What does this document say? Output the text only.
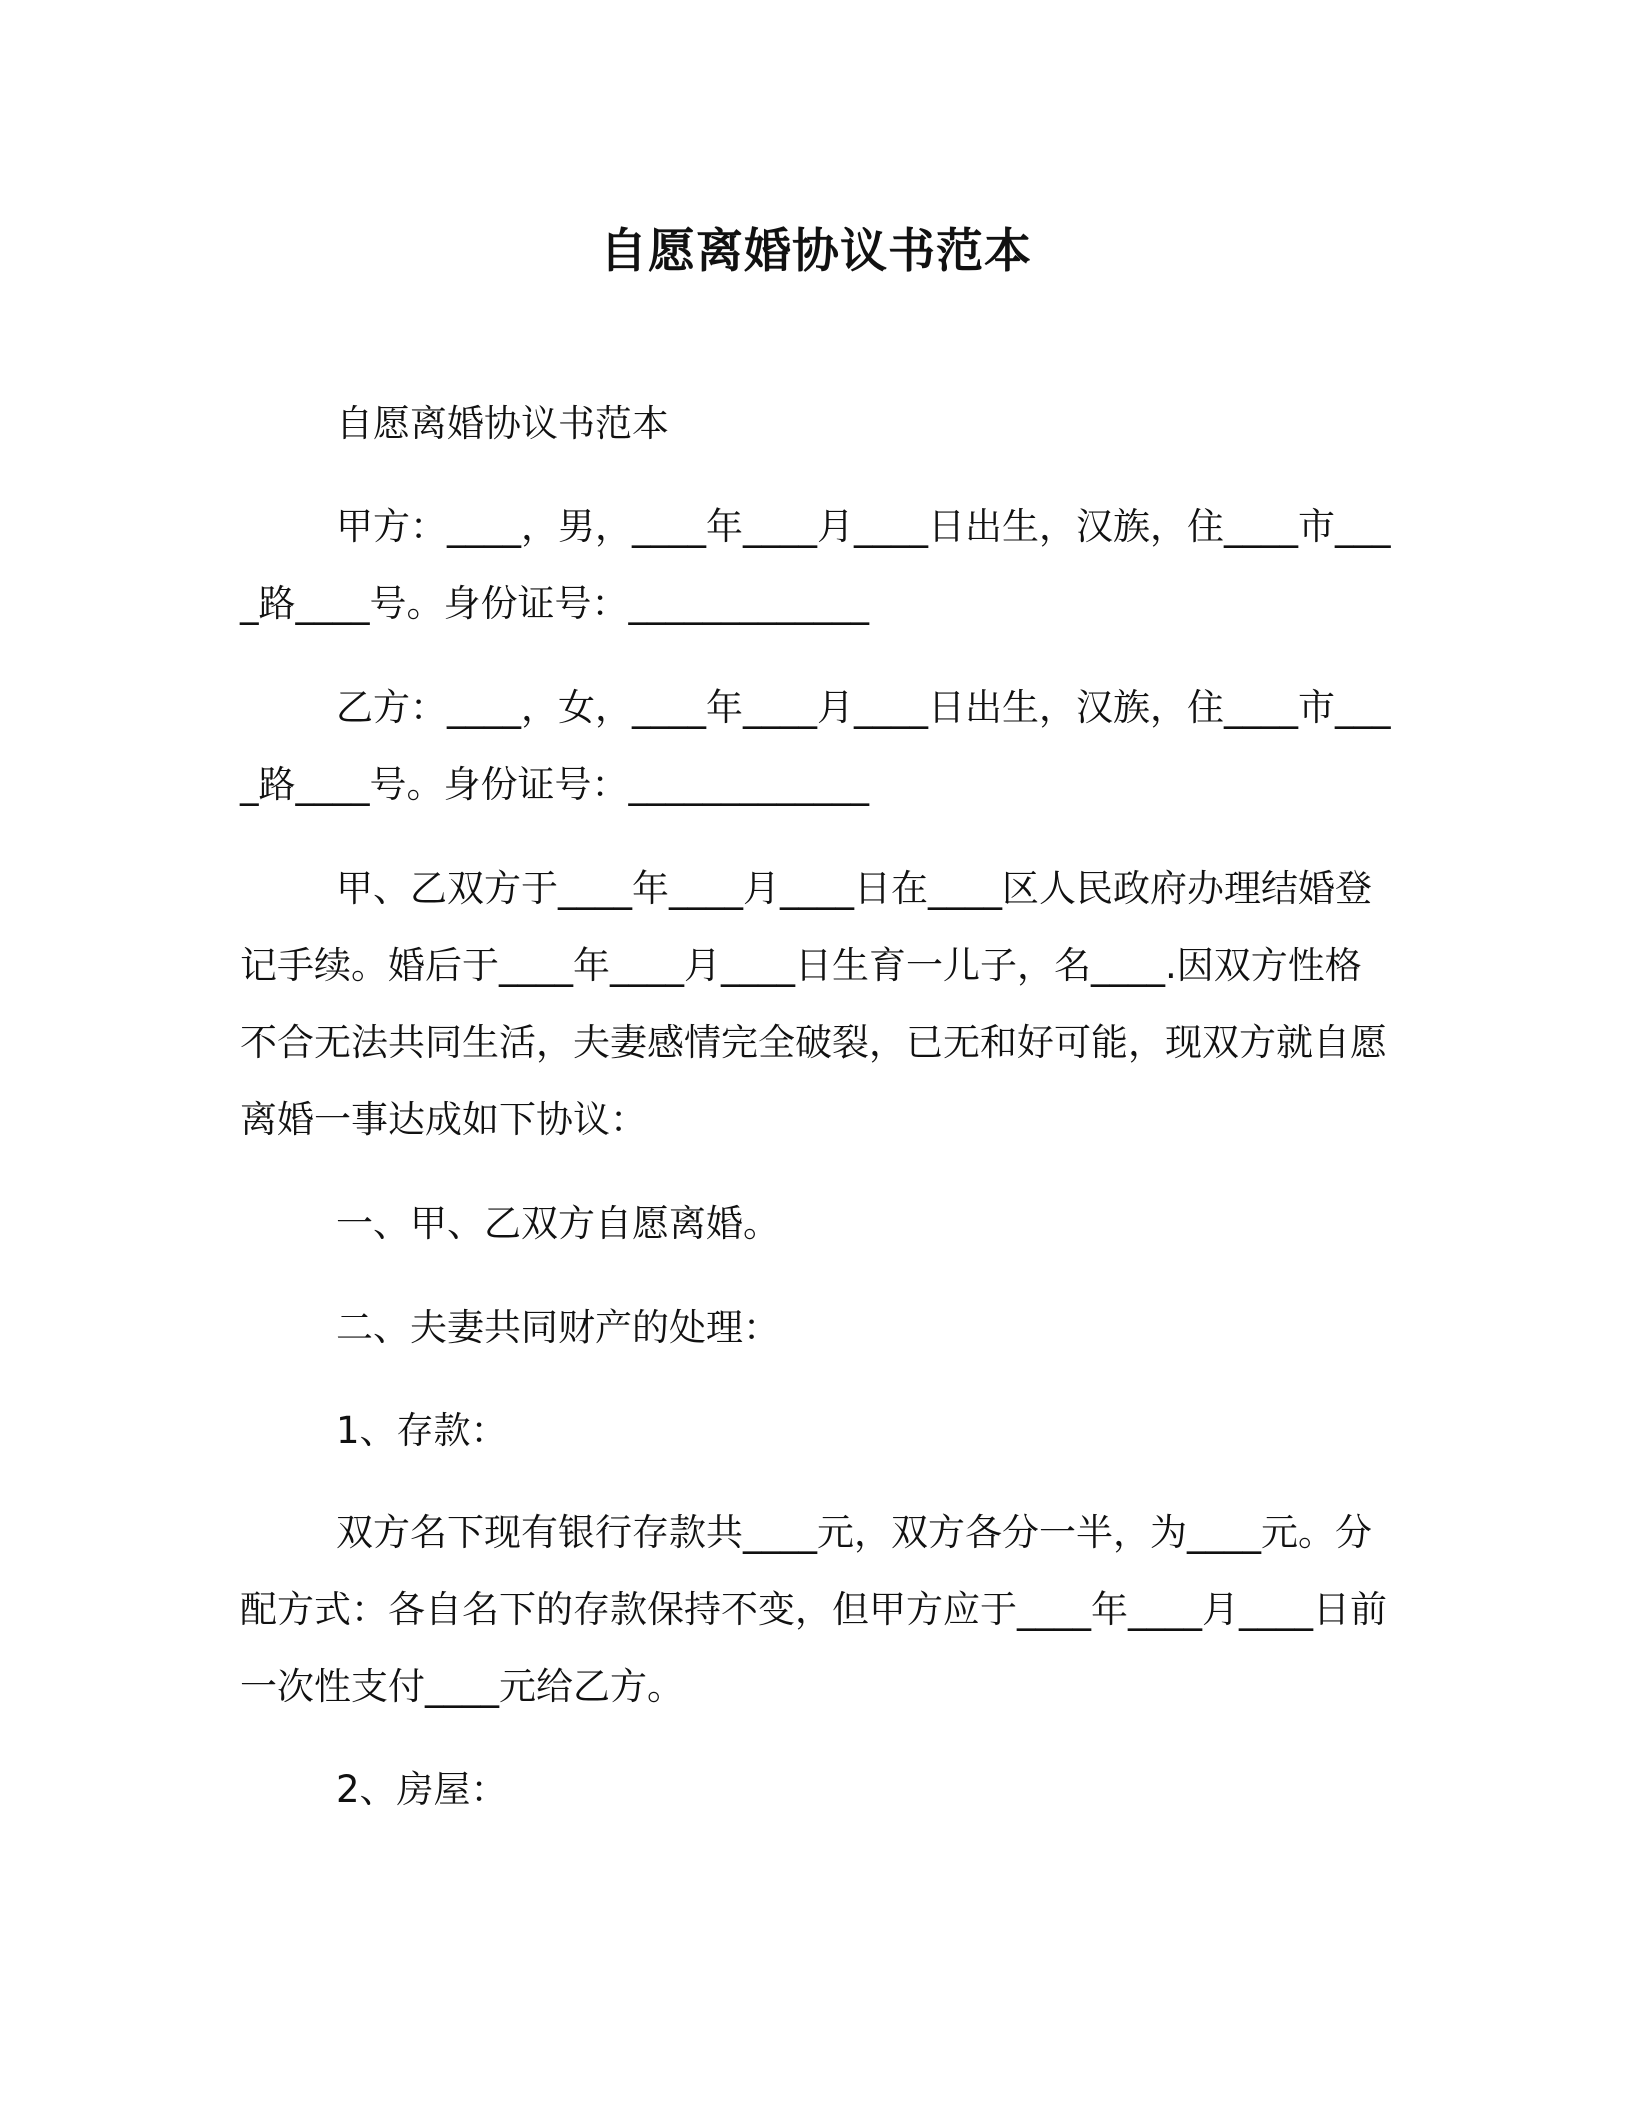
自愿离婚协议书范本
自愿离婚协议书范本
甲方：____，男，____年____月____日出生，汉族，住____市____路____号。身份证号：_____________
乙方：____，女，____年____月____日出生，汉族，住____市____路____号。身份证号：_____________
甲、乙双方于____年____月____日在____区人民政府办理结婚登记手续。婚后于____年____月____日生育一儿子，名____.因双方性格不合无法共同生活，夫妻感情完全破裂，已无和好可能，现双方就自愿离婚一事达成如下协议：
一、甲、乙双方自愿离婚。
二、夫妻共同财产的处理：
1、存款：
双方名下现有银行存款共____元，双方各分一半，为____元。分配方式：各自名下的存款保持不变，但甲方应于____年____月____日前一次性支付____元给乙方。
2、房屋：
